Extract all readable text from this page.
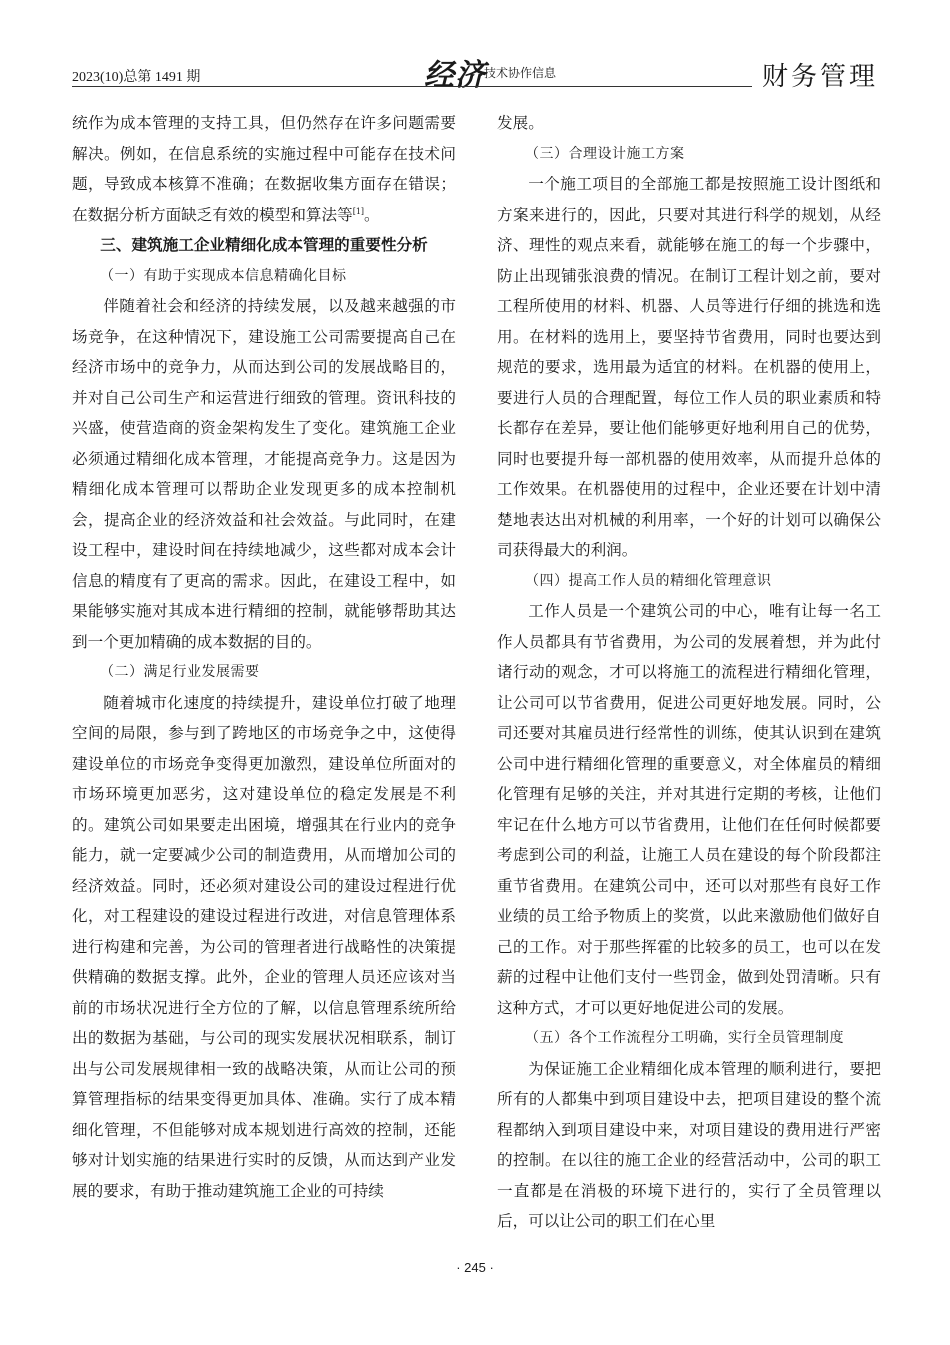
2023(10)总第 1491 期	经济
技术协作信息	财务管理

统作为成本管理的支持工具，但仍然存在许多问题需要解决。例如，在信息系统的实施过程中可能存在技术问题，导致成本核算不准确；在数据收集方面存在错误；在数据分析方面缺乏有效的模型和算法等[1]。

三、建筑施工企业精细化成本管理的重要性分析

（一）有助于实现成本信息精确化目标

伴随着社会和经济的持续发展，以及越来越强的市场竞争，在这种情况下，建设施工公司需要提高自己在经济市场中的竞争力，从而达到公司的发展战略目的，并对自己公司生产和运营进行细致的管理。资讯科技的兴盛，使营造商的资金架构发生了变化。建筑施工企业必须通过精细化成本管理，才能提高竞争力。这是因为精细化成本管理可以帮助企业发现更多的成本控制机会，提高企业的经济效益和社会效益。与此同时，在建设工程中，建设时间在持续地减少，这些都对成本会计信息的精度有了更高的需求。因此，在建设工程中，如果能够实施对其成本进行精细的控制，就能够帮助其达到一个更加精确的成本数据的目的。

（二）满足行业发展需要

随着城市化速度的持续提升，建设单位打破了地理空间的局限，参与到了跨地区的市场竞争之中，这使得建设单位的市场竞争变得更加激烈，建设单位所面对的市场环境更加恶劣，这对建设单位的稳定发展是不利的。建筑公司如果要走出困境，增强其在行业内的竞争能力，就一定要减少公司的制造费用，从而增加公司的经济效益。同时，还必须对建设公司的建设过程进行优化，对工程建设的建设过程进行改进，对信息管理体系进行构建和完善，为公司的管理者进行战略性的决策提供精确的数据支撑。此外，企业的管理人员还应该对当前的市场状况进行全方位的了解，以信息管理系统所给出的数据为基础，与公司的现实发展状况相联系，制订出与公司发展规律相一致的战略决策，从而让公司的预算管理指标的结果变得更加具体、准确。实行了成本精细化管理，不但能够对成本规划进行高效的控制，还能够对计划实施的结果进行实时的反馈，从而达到产业发展的要求，有助于推动建筑施工企业的可持续

发展。

（三）合理设计施工方案

一个施工项目的全部施工都是按照施工设计图纸和方案来进行的，因此，只要对其进行科学的规划，从经济、理性的观点来看，就能够在施工的每一个步骤中，防止出现铺张浪费的情况。在制订工程计划之前，要对工程所使用的材料、机器、人员等进行仔细的挑选和选用。在材料的选用上，要坚持节省费用，同时也要达到规范的要求，选用最为适宜的材料。在机器的使用上，要进行人员的合理配置，每位工作人员的职业素质和特长都存在差异，要让他们能够更好地利用自己的优势，同时也要提升每一部机器的使用效率，从而提升总体的工作效果。在机器使用的过程中，企业还要在计划中清楚地表达出对机械的利用率，一个好的计划可以确保公司获得最大的利润。

（四）提高工作人员的精细化管理意识

工作人员是一个建筑公司的中心，唯有让每一名工作人员都具有节省费用，为公司的发展着想，并为此付诸行动的观念，才可以将施工的流程进行精细化管理，让公司可以节省费用，促进公司更好地发展。同时，公司还要对其雇员进行经常性的训练，使其认识到在建筑公司中进行精细化管理的重要意义，对全体雇员的精细化管理有足够的关注，并对其进行定期的考核，让他们牢记在什么地方可以节省费用，让他们在任何时候都要考虑到公司的利益，让施工人员在建设的每个阶段都注重节省费用。在建筑公司中，还可以对那些有良好工作业绩的员工给予物质上的奖赏，以此来激励他们做好自己的工作。对于那些挥霍的比较多的员工，也可以在发薪的过程中让他们支付一些罚金，做到处罚清晰。只有这种方式，才可以更好地促进公司的发展。

（五）各个工作流程分工明确，实行全员管理制度

为保证施工企业精细化成本管理的顺利进行，要把所有的人都集中到项目建设中去，把项目建设的整个流程都纳入到项目建设中来，对项目建设的费用进行严密的控制。在以往的施工企业的经营活动中，公司的职工一直都是在消极的环境下进行的，实行了全员管理以后，可以让公司的职工们在心里

· 245 ·
